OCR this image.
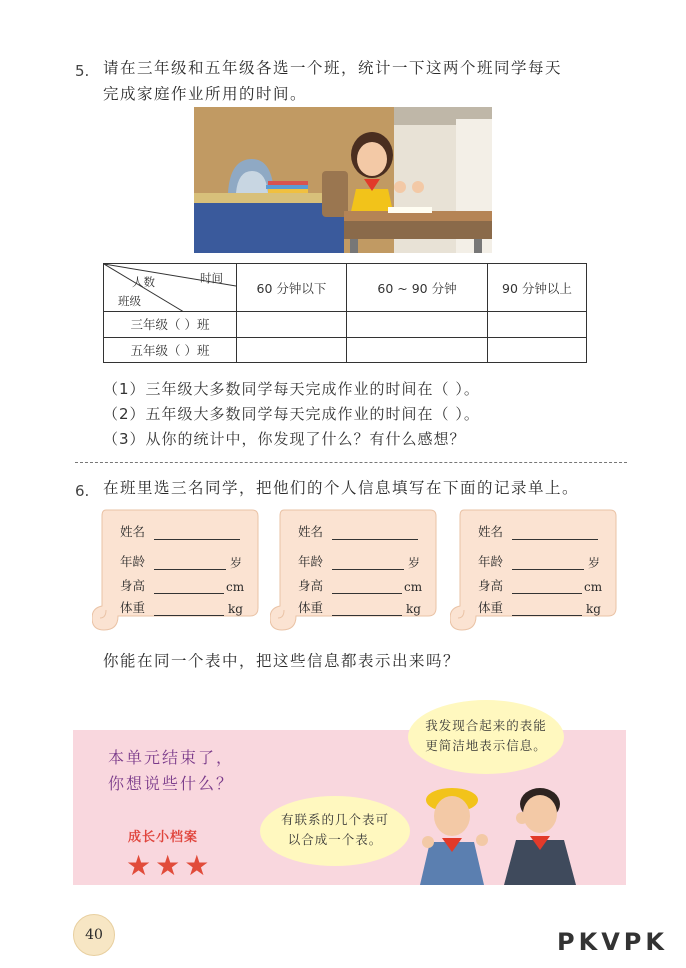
5. 请在三年级和五年级各选一个班，统计一下这两个班同学每天
完成家庭作业所用的时间。
时间
人数
班级	60 分钟以下	60 ~ 90 分钟	90 分钟以上
三年级（ ）班			
五年级（ ）班			
（1）三年级大多数同学每天完成作业的时间在（ ）。
（2）五年级大多数同学每天完成作业的时间在（ ）。
（3）从你的统计中，你发现了什么？有什么感想？
6. 在班里选三名同学，把他们的个人信息填写在下面的记录单上。
姓名
年龄	岁
身高	cm
体重	kg
姓名
年龄	岁
身高	cm
体重	kg
姓名
年龄	岁
身高	cm
体重	kg
你能在同一个表中，把这些信息都表示出来吗？
本单元结束了，
你想说些什么？
成长小档案
★★★
我发现合起来的表能
更简洁地表示信息。
有联系的几个表可
以合成一个表。
40	PKVPK
